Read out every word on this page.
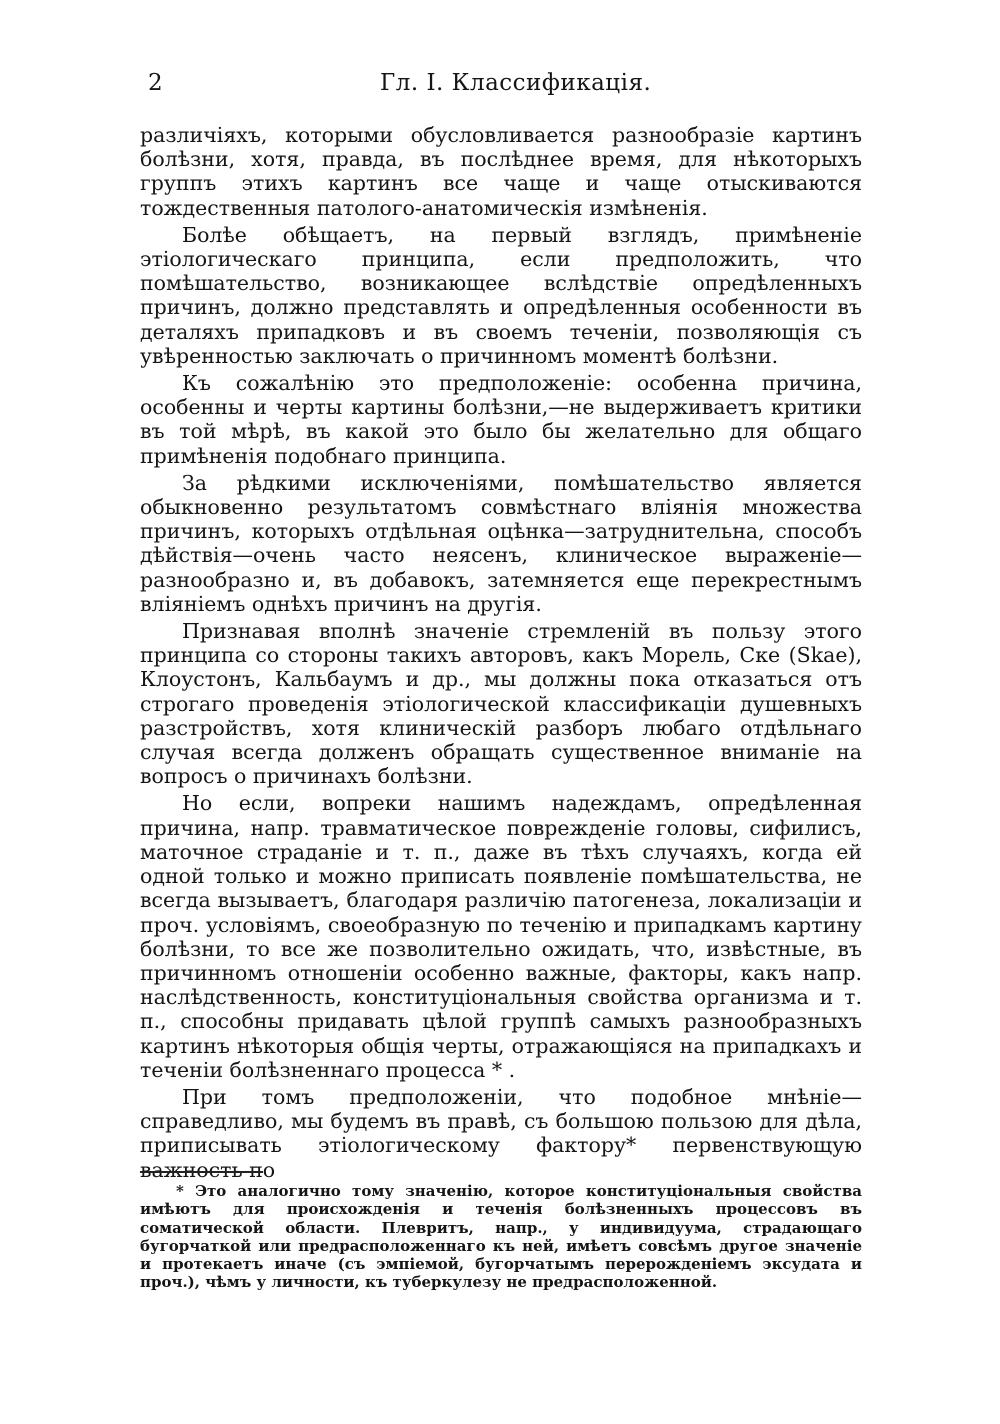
2	Гл. I. Классификація.

различіяхъ, которыми обусловливается разнообразіе картинъ болѣзни, хотя, правда, въ послѣднее время, для нѣкоторыхъ группъ этихъ картинъ все чаще и чаще отыскиваются тождественныя патолого-анатомическія измѣненія.

Болѣе обѣщаетъ, на первый взглядъ, примѣненіе этіологическаго принципа, если предположить, что помѣшательство, возникающее вслѣдствіе опредѣленныхъ причинъ, должно представлять и опредѣленныя особенности въ деталяхъ припадковъ и въ своемъ теченіи, позволяющія съ увѣренностью заключать о причинномъ моментѣ болѣзни.

Къ сожалѣнію это предположеніе: особенна причина, особенны и черты картины болѣзни,—не выдерживаетъ критики въ той мѣрѣ, въ какой это было бы желательно для общаго примѣненія подобнаго принципа.

За рѣдкими исключеніями, помѣшательство является обыкновенно результатомъ совмѣстнаго вліянія множества причинъ, которыхъ отдѣльная оцѣнка—затруднительна, способъ дѣйствія—очень часто неясенъ, клиническое выраженіе—разнообразно и, въ добавокъ, затемняется еще перекрестнымъ вліяніемъ однѣхъ причинъ на другія.

Признавая вполнѣ значеніе стремленій въ пользу этого принципа со стороны такихъ авторовъ, какъ Морель, Ске (Skae), Клоустонъ, Кальбаумъ и др., мы должны пока отказаться отъ строгаго проведенія этіологической классификаціи душевныхъ разстройствъ, хотя клиническій разборъ любаго отдѣльнаго случая всегда долженъ обращать существенное вниманіе на вопросъ о причинахъ болѣзни.

Но если, вопреки нашимъ надеждамъ, опредѣленная причина, напр. травматическое поврежденіе головы, сифилисъ, маточное страданіе и т. п., даже въ тѣхъ случаяхъ, когда ей одной только и можно приписать появленіе помѣшательства, не всегда вызываетъ, благодаря различію патогенеза, локализаціи и проч. условіямъ, своеобразную по теченію и припадкамъ картину болѣзни, то все же позволительно ожидать, что, извѣстные, въ причинномъ отношеніи особенно важные, факторы, какъ напр. наслѣдственность, конституціональныя свойства организма и т. п., способны придавать цѣлой группѣ самыхъ разнообразныхъ картинъ нѣкоторыя общія черты, отражающіяся на припадкахъ и теченіи болѣзненнаго процесса * .

При томъ предположеніи, что подобное мнѣніе—справедливо, мы будемъ въ правѣ, съ большою пользою для дѣла, приписывать этіологическому фактору* первенствующую важность по

* Это аналогично тому значенію, которое конституціональныя свойства имѣютъ для происхожденія и теченія болѣзненныхъ процессовъ въ соматической области. Плевритъ, напр., у индивидуума, страдающаго бугорчаткой или предрасположеннаго къ ней, имѣетъ совсѣмъ другое значеніе и протекаетъ иначе (съ эмпіемой, бугорчатымъ перерожденіемъ эксудата и проч.), чѣмъ у личности, къ туберкулезу не предрасположенной.
